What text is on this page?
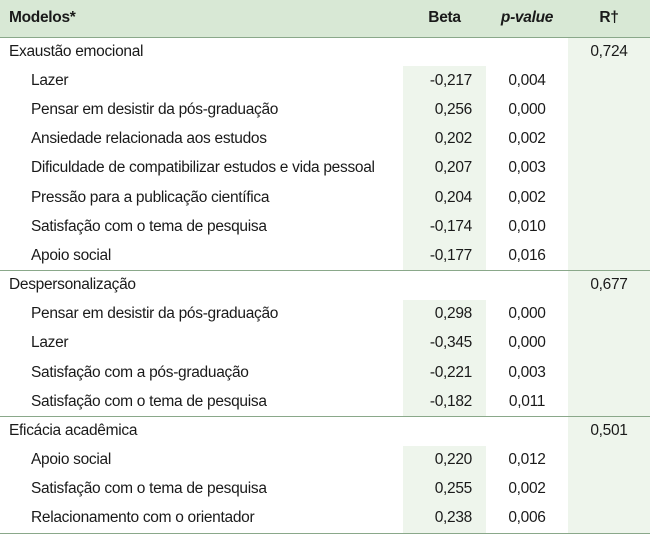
Modelos*	Beta	p-value	R†
Exaustão emocional			0,724
Lazer	-0,217	0,004	
Pensar em desistir da pós-graduação	0,256	0,000	
Ansiedade relacionada aos estudos	0,202	0,002	
Dificuldade de compatibilizar estudos e vida pessoal	0,207	0,003	
Pressão para a publicação científica	0,204	0,002	
Satisfação com o tema de pesquisa	-0,174	0,010	
Apoio social	-0,177	0,016	
Despersonalização			0,677
Pensar em desistir da pós-graduação	0,298	0,000	
Lazer	-0,345	0,000	
Satisfação com a pós-graduação	-0,221	0,003	
Satisfação com o tema de pesquisa	-0,182	0,011	
Eficácia acadêmica			0,501
Apoio social	0,220	0,012	
Satisfação com o tema de pesquisa	0,255	0,002	
Relacionamento com o orientador	0,238	0,006	
